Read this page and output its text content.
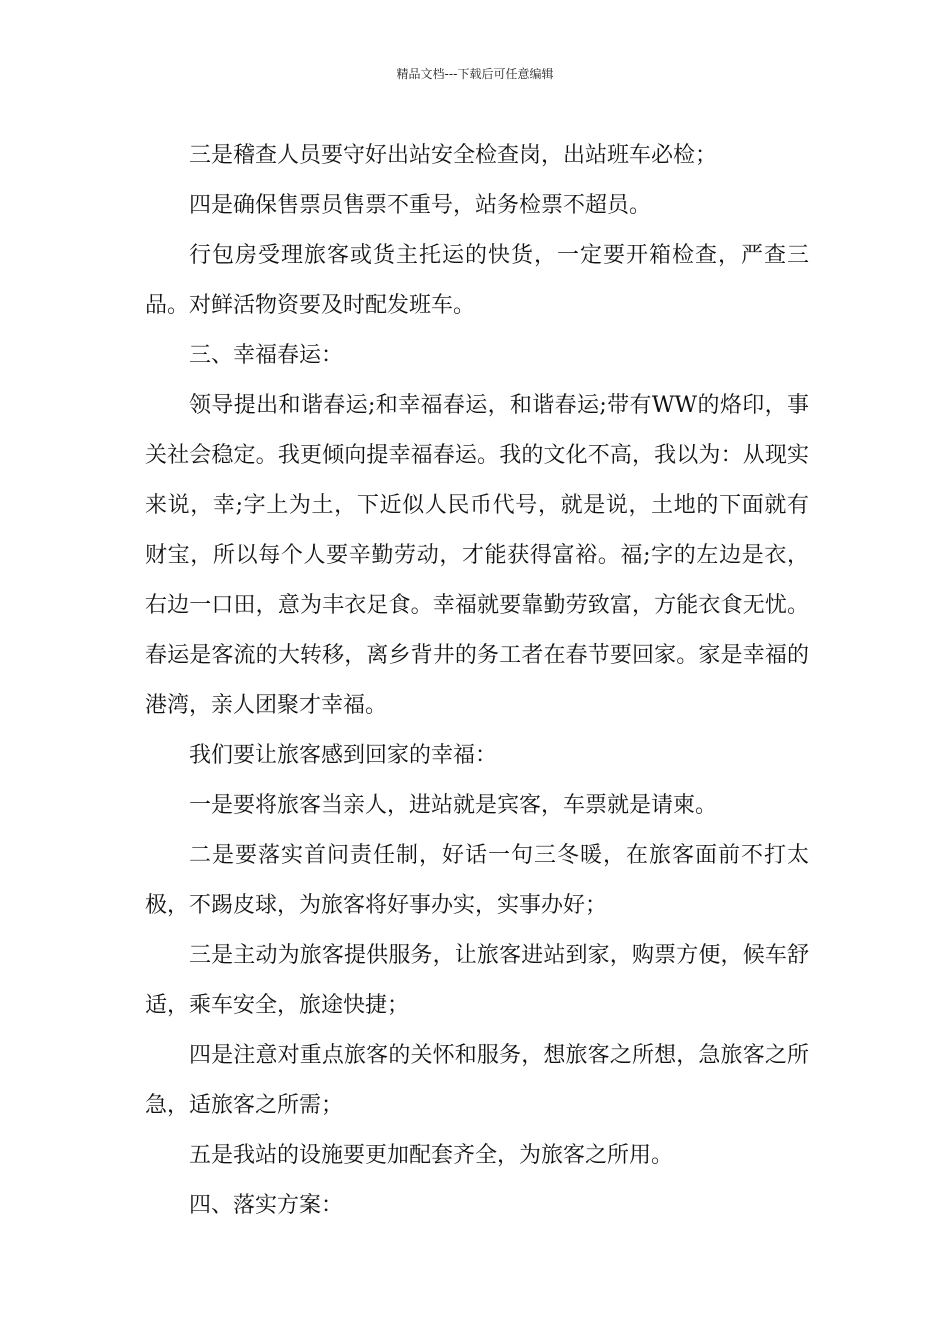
精品文档---下载后可任意编辑

三是稽查人员要守好出站安全检查岗，出站班车必检；

四是确保售票员售票不重号，站务检票不超员。

行包房受理旅客或货主托运的快货，一定要开箱检查，严查三品。对鲜活物资要及时配发班车。

三、幸福春运：

领导提出和谐春运;和幸福春运，和谐春运;带有WW的烙印，事关社会稳定。我更倾向提幸福春运。我的文化不高，我以为：从现实来说，幸;字上为土，下近似人民币代号，就是说，土地的下面就有财宝，所以每个人要辛勤劳动，才能获得富裕。福;字的左边是衣，右边一口田，意为丰衣足食。幸福就要靠勤劳致富，方能衣食无忧。春运是客流的大转移，离乡背井的务工者在春节要回家。家是幸福的港湾，亲人团聚才幸福。

我们要让旅客感到回家的幸福：

一是要将旅客当亲人，进站就是宾客，车票就是请柬。

二是要落实首问责任制，好话一句三冬暖，在旅客面前不打太极，不踢皮球，为旅客将好事办实，实事办好；

三是主动为旅客提供服务，让旅客进站到家，购票方便，候车舒适，乘车安全，旅途快捷；

四是注意对重点旅客的关怀和服务，想旅客之所想，急旅客之所急，适旅客之所需；

五是我站的设施要更加配套齐全，为旅客之所用。

四、落实方案：
